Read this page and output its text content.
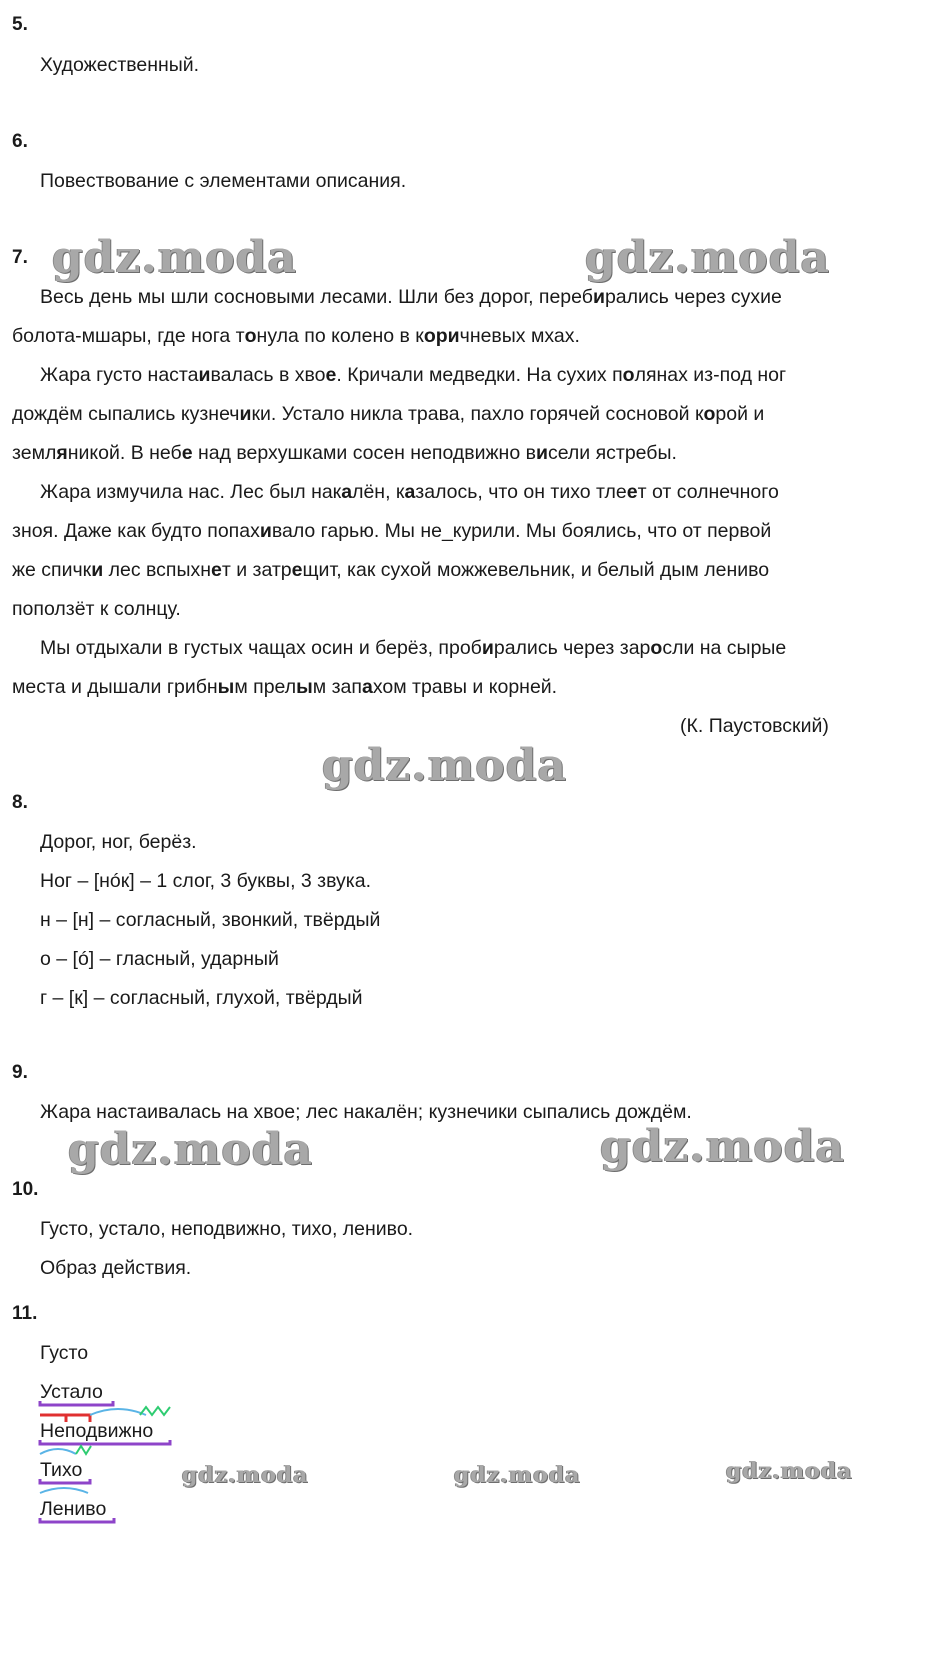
5.
Художественный.
6.
Повествование с элементами описания.
7. gdz.moda	gdz.moda
Весь день мы шли сосновыми лесами. Шли без дорог, перебирались через сухие
болота-мшары, где нога тонула по колено в коричневых мхах.
Жара густо настаивалась в хвое. Кричали медведки. На сухих полянах из-под ног
дождём сыпались кузнечики. Устало никла трава, пахло горячей сосновой корой и
земляникой. В небе над верхушками сосен неподвижно висели ястребы.
Жара измучила нас. Лес был накалён, казалось, что он тихо тлеет от солнечного
зноя. Даже как будто попахивало гарью. Мы не_курили. Мы боялись, что от первой
же спички лес вспыхнет и затрещит, как сухой можжевельник, и белый дым лениво
поползёт к солнцу.
Мы отдыхали в густых чащах осин и берёз, пробирались через заросли на сырые
места и дышали грибным прелым запахом травы и корней.
(К. Паустовский)
gdz.moda
8.
Дорог, ног, берёз.
Ног – [нóк] – 1 слог, 3 буквы, 3 звука.
н – [н] – согласный, звонкий, твёрдый
о – [ó] – гласный, ударный
г – [к] – согласный, глухой, твёрдый
9.
Жара настаивалась на хвое; лес накалён; кузнечики сыпались дождём.
gdz.moda	gdz.moda
10.
Густо, устало, неподвижно, тихо, лениво.
Образ действия.
11.
Густо
Устало
Неподвижно
Тихо
Лениво
gdz.moda	gdz.moda	gdz.moda
